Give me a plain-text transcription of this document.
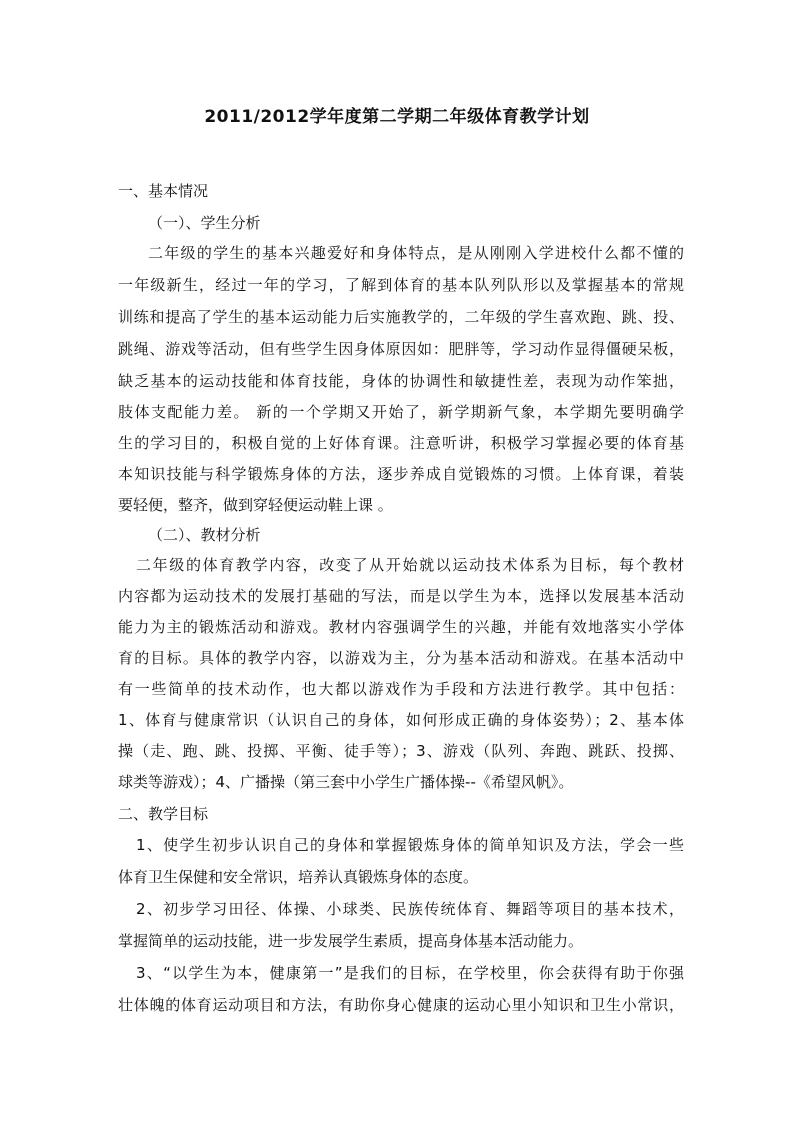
2011/2012学年度第二学期二年级体育教学计划
一、基本情况
（一）、学生分析
二年级的学生的基本兴趣爱好和身体特点，是从刚刚入学进校什么都不懂的
一年级新生，经过一年的学习，了解到体育的基本队列队形以及掌握基本的常规
训练和提高了学生的基本运动能力后实施教学的，二年级的学生喜欢跑、跳、投、
跳绳、游戏等活动，但有些学生因身体原因如：肥胖等，学习动作显得僵硬呆板，
缺乏基本的运动技能和体育技能，身体的协调性和敏捷性差，表现为动作笨拙，
肢体支配能力差。 新的一个学期又开始了，新学期新气象，本学期先要明确学
生的学习目的，积极自觉的上好体育课。注意听讲，积极学习掌握必要的体育基
本知识技能与科学锻炼身体的方法，逐步养成自觉锻炼的习惯。上体育课，着装
要轻便，整齐，做到穿轻便运动鞋上课 。
（二）、教材分析
二年级的体育教学内容，改变了从开始就以运动技术体系为目标，每个教材
内容都为运动技术的发展打基础的写法，而是以学生为本，选择以发展基本活动
能力为主的锻炼活动和游戏。教材内容强调学生的兴趣，并能有效地落实小学体
育的目标。具体的教学内容，以游戏为主，分为基本活动和游戏。在基本活动中
有一些简单的技术动作，也大都以游戏作为手段和方法进行教学。其中包括：
1、体育与健康常识（认识自己的身体，如何形成正确的身体姿势）；2、基本体
操（走、跑、跳、投掷、平衡、徒手等）；3、游戏（队列、奔跑、跳跃、投掷、
球类等游戏）；4、广播操（第三套中小学生广播体操--《希望风帆》。
二、教学目标
1、使学生初步认识自己的身体和掌握锻炼身体的简单知识及方法，学会一些
体育卫生保健和安全常识，培养认真锻炼身体的态度。
2、初步学习田径、体操、小球类、民族传统体育、舞蹈等项目的基本技术，
掌握简单的运动技能，进一步发展学生素质，提高身体基本活动能力。
3、“以学生为本，健康第一”是我们的目标，在学校里，你会获得有助于你强
壮体魄的体育运动项目和方法，有助你身心健康的运动心里小知识和卫生小常识，
